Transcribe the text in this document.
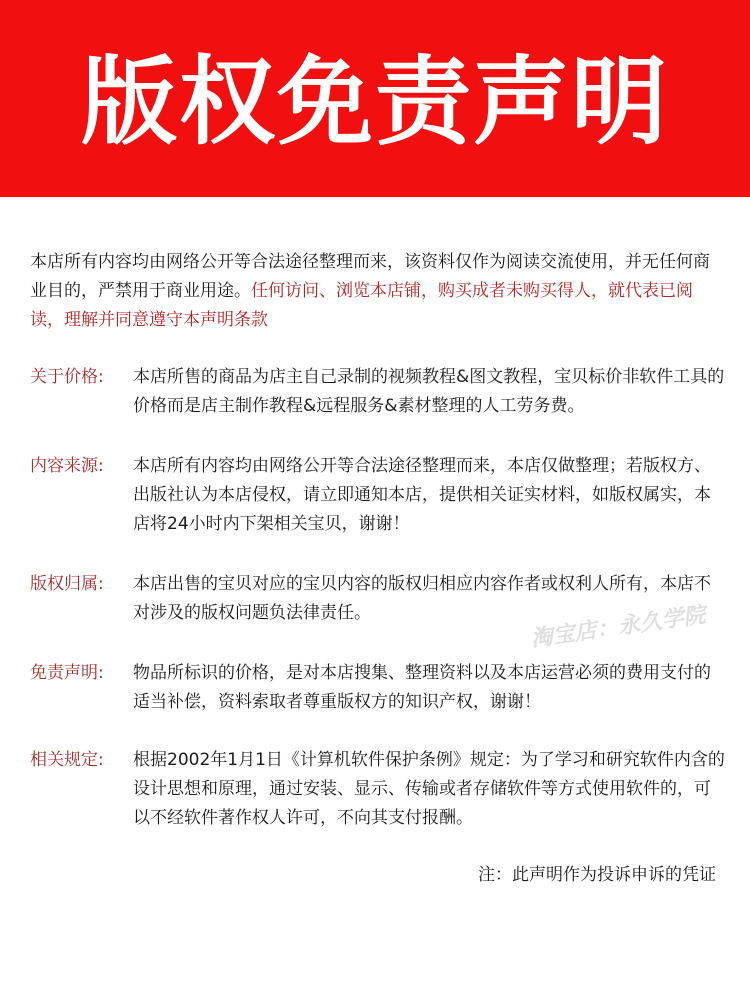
版权免责声明
本店所有内容均由网络公开等合法途径整理而来，该资料仅作为阅读交流使用，并无任何商业目的，严禁用于商业用途。任何访问、浏览本店铺，购买成者未购买得人，就代表已阅读，理解并同意遵守本声明条款
关于价格:	本店所售的商品为店主自己录制的视频教程&图文教程，宝贝标价非软件工具的价格而是店主制作教程&远程服务&素材整理的人工劳务费。
内容来源:	本店所有内容均由网络公开等合法途径整理而来，本店仅做整理；若版权方、出版社认为本店侵权，请立即通知本店，提供相关证实材料，如版权属实，本店将24小时内下架相关宝贝，谢谢！
版权归属:	本店出售的宝贝对应的宝贝内容的版权归相应内容作者或权利人所有，本店不对涉及的版权问题负法律责任。
免责声明:	物品所标识的价格，是对本店搜集、整理资料以及本店运营必须的费用支付的适当补偿，资料索取者尊重版权方的知识产权，谢谢！
相关规定:	根据2002年1月1日《计算机软件保护条例》规定：为了学习和研究软件内含的设计思想和原理，通过安装、显示、传输或者存储软件等方式使用软件的，可以不经软件著作权人许可，不向其支付报酬。
注：此声明作为投诉申诉的凭证
淘宝店：永久学院
